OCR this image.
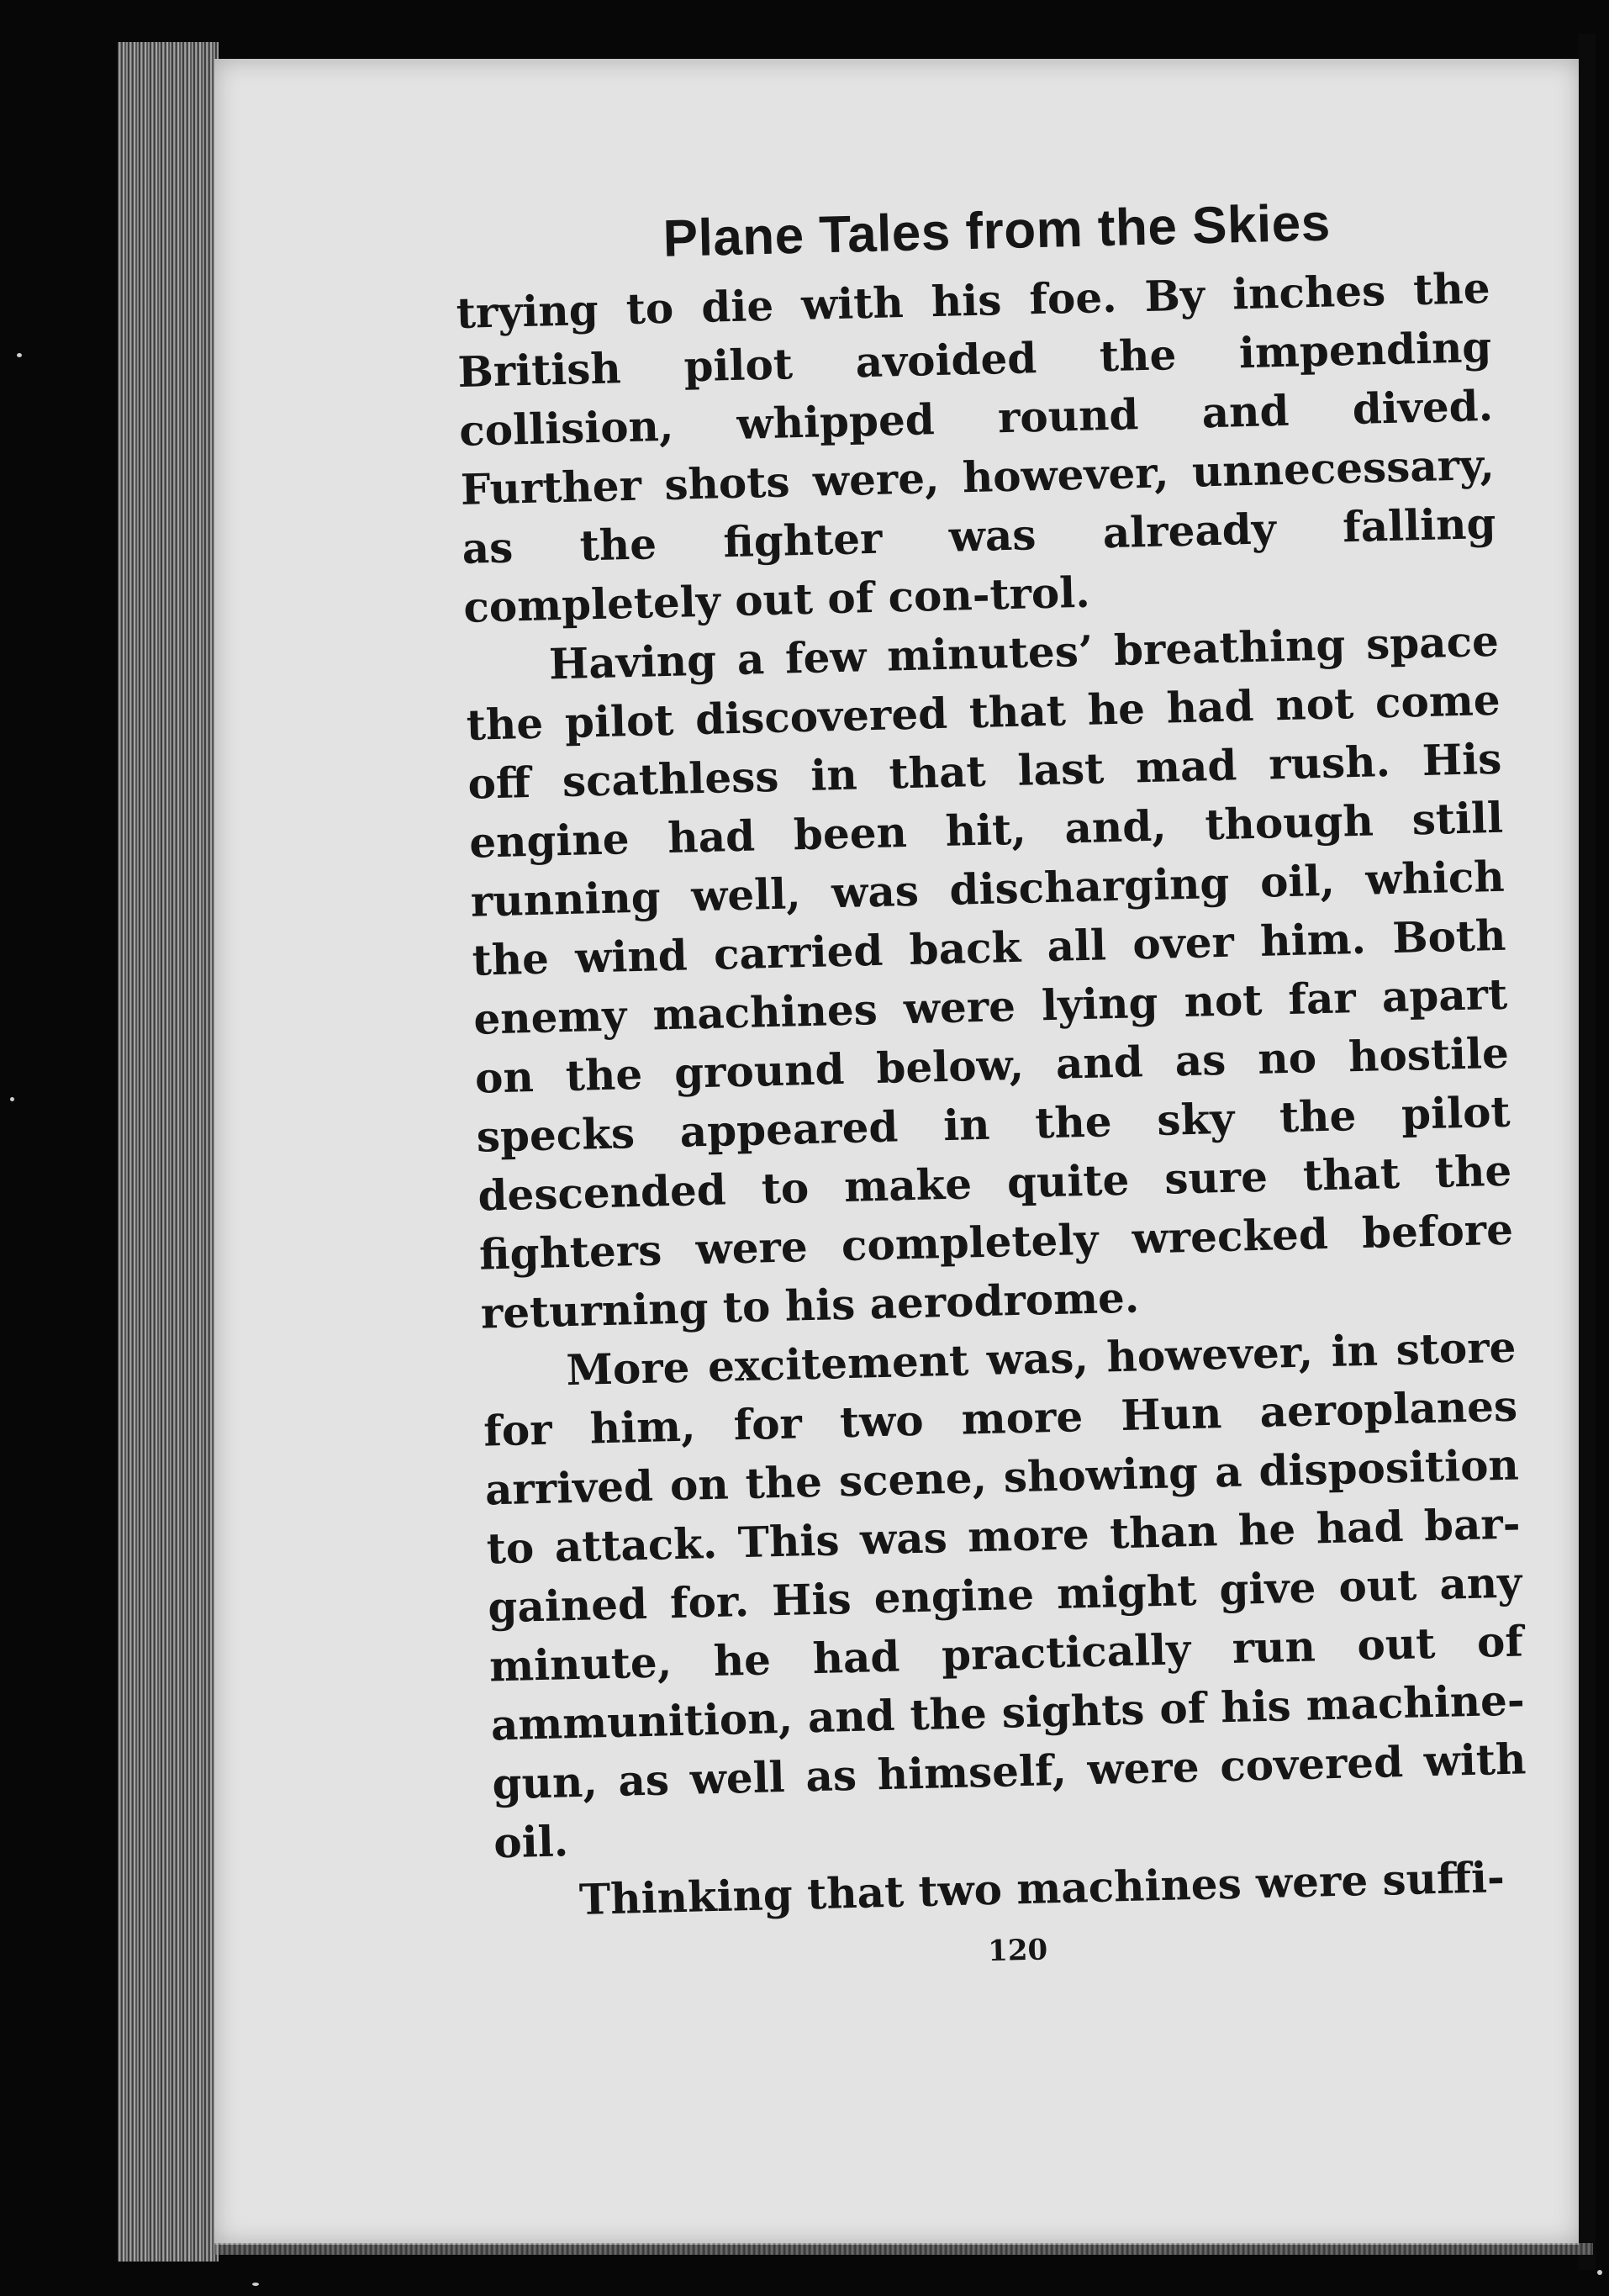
Plane Tales from the Skies

trying to die with his foe. By inches the British pilot avoided the impending collision, whipped round and dived. Further shots were, however, unnecessary, as the fighter was already falling completely out of con-trol.

Having a few minutes’ breathing space the pilot discovered that he had not come off scathless in that last mad rush. His engine had been hit, and, though still running well, was discharging oil, which the wind carried back all over him. Both enemy machines were lying not far apart on the ground below, and as no hostile specks appeared in the sky the pilot descended to make quite sure that the fighters were completely wrecked before returning to his aerodrome.

More excitement was, however, in store for him, for two more Hun aeroplanes arrived on the scene, showing a disposition to attack. This was more than he had bar-gained for. His engine might give out any minute, he had practically run out of ammunition, and the sights of his machine-gun, as well as himself, were covered with oil.

Thinking that two machines were suffi-

120
